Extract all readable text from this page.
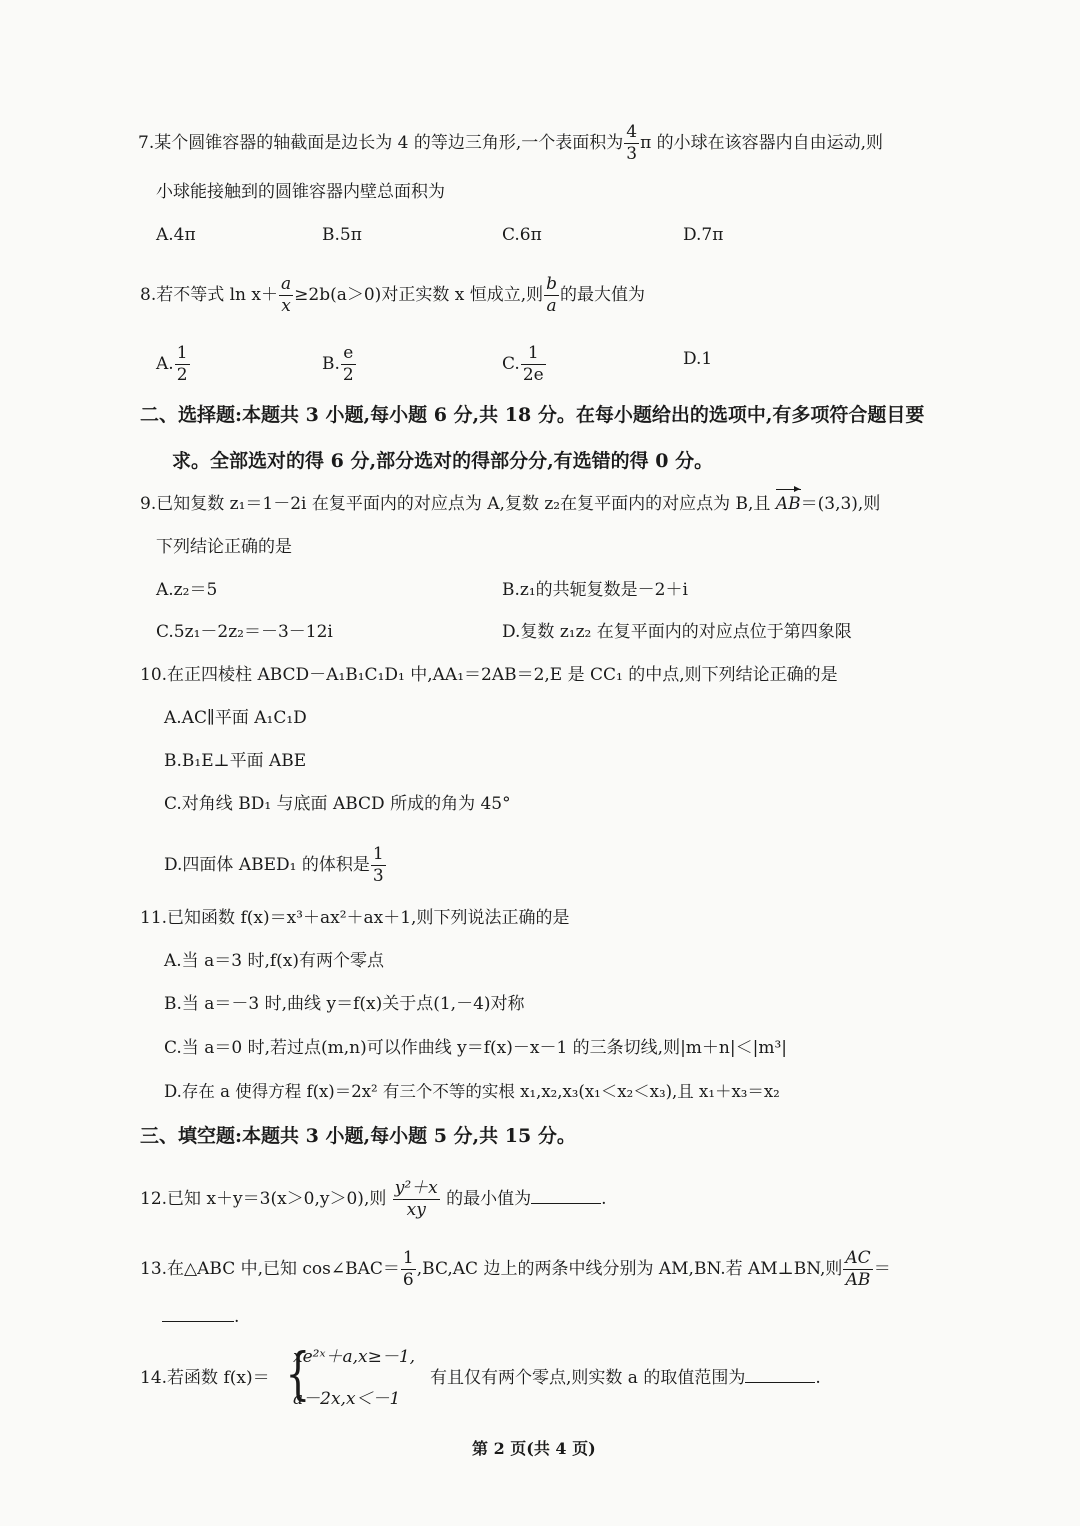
7.某个圆锥容器的轴截面是边长为 4 的等边三角形,一个表面积为 $\frac{4}{3}$ π 的小球在该容器内自由运动,则
小球能接触到的圆锥容器内壁总面积为
A.4π	B.5π	C.6π	D.7π
8.若不等式 $\ln x+ \frac{a}{x} \ge 2b(a>0)$对正实数 x 恒成立,则 $\frac{b}{a}$ 的最大值为
A. $\frac{1}{2}$	B. $\frac{e}{2}$	C. $\frac{1}{2e}$	D.1
二、选择题:本题共 3 小题,每小题 6 分,共 18 分。在每小题给出的选项中,有多项符合题目要
求。全部选对的得 6 分,部分选对的得部分分,有选错的得 0 分。
9.已知复数 z₁＝1－2i 在复平面内的对应点为 A,复数 z₂在复平面内的对应点为 B,且 AB＝(3,3),则
下列结论正确的是
A.z₂＝5	B.z₁的共轭复数是－2＋i
C.5z₁－2z₂＝－3－12i	D.复数 z₁z₂ 在复平面内的对应点位于第四象限
10.在正四棱柱 ABCD－A₁B₁C₁D₁ 中,AA₁＝2AB＝2,E 是 CC₁ 的中点,则下列结论正确的是
A.AC∥平面 A₁C₁D
B.B₁E⊥平面 ABE
C.对角线 BD₁ 与底面 ABCD 所成的角为 45°
D.四面体 ABED₁ 的体积是 $\frac{1}{3}$
11.已知函数 f(x)＝x³＋ax²＋ax＋1,则下列说法正确的是
A.当 a＝3 时,f(x)有两个零点
B.当 a＝－3 时,曲线 y＝f(x)关于点(1,－4)对称
C.当 a＝0 时,若过点(m,n)可以作曲线 y＝f(x)－x－1 的三条切线,则|m＋n|＜|m³|
D.存在 a 使得方程 f(x)＝2x² 有三个不等的实根 x₁,x₂,x₃(x₁＜x₂＜x₃),且 x₁＋x₃＝x₂
三、填空题:本题共 3 小题,每小题 5 分,共 15 分。
12.已知 x＋y＝3(x＞0,y＞0),则 $\frac{\text{y²＋x}}{xy}$ 的最小值为	.
13.在△ABC 中,已知 cos∠BAC＝ $\frac{1}{6} ,BC,AC$ 边上的两条中线分别为 AM,BN.若 AM⊥BN,则 $\frac{AC}{AB}$ ＝
.
14.若函数 f(x)＝ {
xe²ˣ＋a,x≥－1,
a－2x,x＜－1
有且仅有两个零点,则实数 a 的取值范围为	.
第 2 页(共 4 页)
